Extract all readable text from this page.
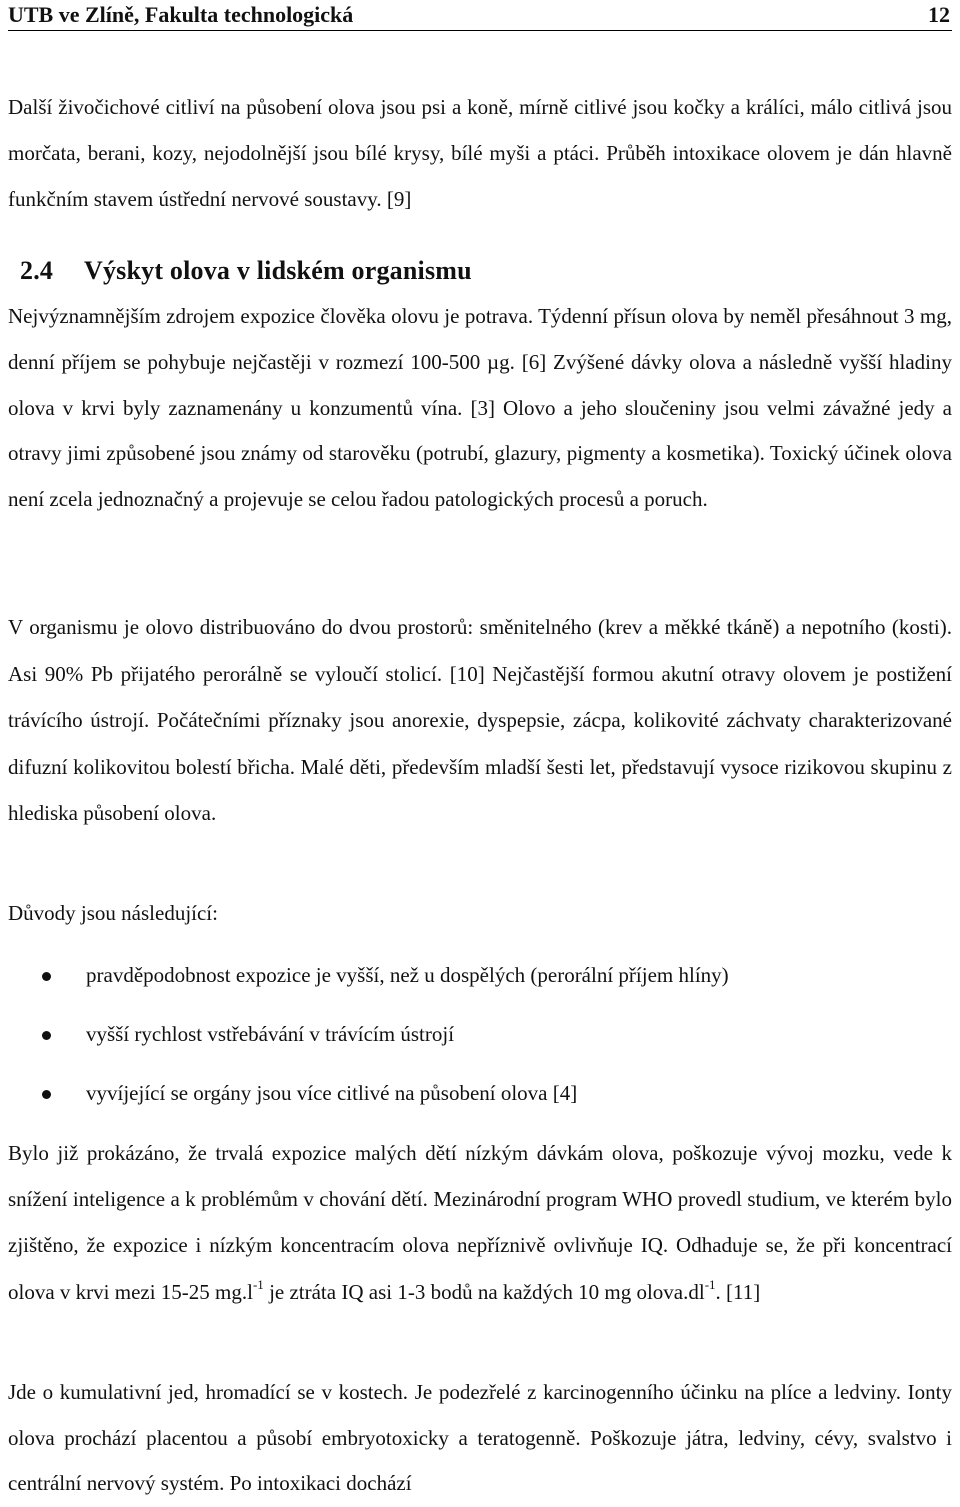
UTB ve Zlíně, Fakulta technologická	12

Další živočichové citliví na působení olova jsou psi a koně, mírně citlivé jsou kočky a králíci, málo citlivá jsou morčata, berani, kozy, nejodolnější jsou bílé krysy, bílé myši a ptáci. Průběh intoxikace olovem je dán hlavně funkčním stavem ústřední nervové soustavy. [9]

2.4 Výskyt olova v lidském organismu

Nejvýznamnějším zdrojem expozice člověka olovu je potrava. Týdenní přísun olova by neměl přesáhnout 3 mg, denní příjem se pohybuje nejčastěji v rozmezí 100-500 µg. [6] Zvýšené dávky olova a následně vyšší hladiny olova v krvi byly zaznamenány u konzumentů vína. [3] Olovo a jeho sloučeniny jsou velmi závažné jedy a otravy jimi způsobené jsou známy od starověku (potrubí, glazury, pigmenty a kosmetika). Toxický účinek olova není zcela jednoznačný a projevuje se celou řadou patologických procesů a poruch.

V organismu je olovo distribuováno do dvou prostorů: směnitelného (krev a měkké tkáně) a nepotního (kosti). Asi 90% Pb přijatého perorálně se vyloučí stolicí. [10] Nejčastější formou akutní otravy olovem je postižení trávícího ústrojí. Počátečními příznaky jsou anorexie, dyspepsie, zácpa, kolikovité záchvaty charakterizované difuzní kolikovitou bolestí břicha. Malé děti, především mladší šesti let, představují vysoce rizikovou skupinu z hlediska působení olova.

Důvody jsou následující:

pravděpodobnost expozice je vyšší, než u dospělých (perorální příjem hlíny)
vyšší rychlost vstřebávání v trávícím ústrojí
vyvíjející se orgány jsou více citlivé na působení olova [4]

Bylo již prokázáno, že trvalá expozice malých dětí nízkým dávkám olova, poškozuje vývoj mozku, vede k snížení inteligence a k problémům v chování dětí. Mezinárodní program WHO provedl studium, ve kterém bylo zjištěno, že expozice i nízkým koncentracím olova nepříznivě ovlivňuje IQ. Odhaduje se, že při koncentrací olova v krvi mezi 15-25 $mg.l^{-1}$ je ztráta IQ asi 1-3 bodů na každých 10 mg $olova.dl^{-1}$. [11]

Jde o kumulativní jed, hromadící se v kostech. Je podezřelé z karcinogenního účinku na plíce a ledviny. Ionty olova prochází placentou a působí embryotoxicky a teratogenně. Poškozuje játra, ledviny, cévy, svalstvo i centrální nervový systém. Po intoxikaci dochází
